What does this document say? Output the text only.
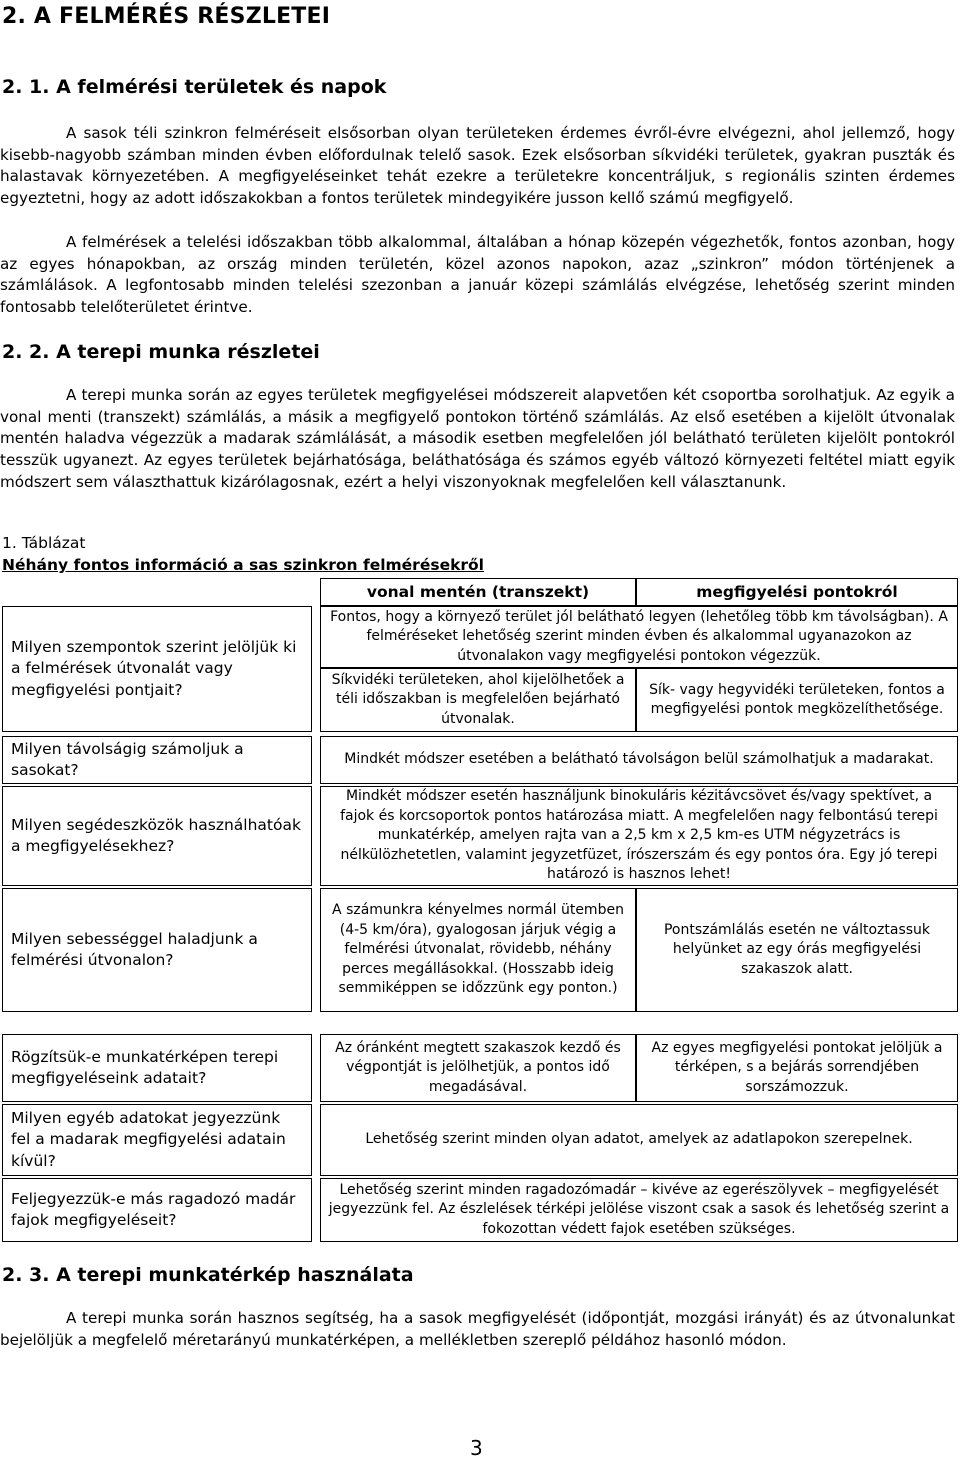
2. A FELMÉRÉS RÉSZLETEI
2. 1. A felmérési területek és napok

A sasok téli szinkron felméréseit elsősorban olyan területeken érdemes évről-évre elvégezni, ahol jellemző, hogy kisebb-nagyobb számban minden évben előfordulnak telelő sasok. Ezek elsősorban síkvidéki területek, gyakran puszták és halastavak környezetében. A megfigyeléseinket tehát ezekre a területekre koncentráljuk, s regionális szinten érdemes egyeztetni, hogy az adott időszakokban a fontos területek mindegyikére jusson kellő számú megfigyelő.

A felmérések a telelési időszakban több alkalommal, általában a hónap közepén végezhetők, fontos azonban, hogy az egyes hónapokban, az ország minden területén, közel azonos napokon, azaz „szinkron” módon történjenek a számlálások. A legfontosabb minden telelési szezonban a január közepi számlálás elvégzése, lehetőség szerint minden fontosabb telelőterületet érintve.

2. 2. A terepi munka részletei

A terepi munka során az egyes területek megfigyelései módszereit alapvetően két csoportba sorolhatjuk. Az egyik a vonal menti (transzekt) számlálás, a másik a megfigyelő pontokon történő számlálás. Az első esetében a kijelölt útvonalak mentén haladva végezzük a madarak számlálását, a második esetben megfelelően jól belátható területen kijelölt pontokról tesszük ugyanezt. Az egyes területek bejárhatósága, beláthatósága és számos egyéb változó környezeti feltétel miatt egyik módszert sem választhattuk kizárólagosnak, ezért a helyi viszonyoknak megfelelően kell választanunk.

1. Táblázat
Néhány fontos információ a sas szinkron felmérésekről
vonal mentén (transzekt)	megfigyelési pontokról
Milyen szempontok szerint jelöljük ki a felmérések útvonalát vagy megfigyelési pontjait?
Fontos, hogy a környező terület jól belátható legyen (lehetőleg több km távolságban). A felméréseket lehetőség szerint minden évben és alkalommal ugyanazokon az útvonalakon vagy megfigyelési pontokon végezzük.
Síkvidéki területeken, ahol kijelölhetőek a téli időszakban is megfelelően bejárható útvonalak.
Sík- vagy hegyvidéki területeken, fontos a megfigyelési pontok megközelíthetősége.
Milyen távolságig számoljuk a sasokat?
Mindkét módszer esetében a belátható távolságon belül számolhatjuk a madarakat.
Milyen segédeszközök használhatóak a megfigyelésekhez?
Mindkét módszer esetén használjunk binokuláris kézitávcsövet és/vagy spektívet, a fajok és korcsoportok pontos határozása miatt. A megfelelően nagy felbontású terepi munkatérkép, amelyen rajta van a 2,5 km x 2,5 km-es UTM négyzetrács is nélkülözhetetlen, valamint jegyzetfüzet, írószerszám és egy pontos óra. Egy jó terepi határozó is hasznos lehet!
Milyen sebességgel haladjunk a felmérési útvonalon?
A számunkra kényelmes normál ütemben (4-5 km/óra), gyalogosan járjuk végig a felmérési útvonalat, rövidebb, néhány perces megállásokkal. (Hosszabb ideig semmiképpen se időzzünk egy ponton.)
Pontszámlálás esetén ne változtassuk helyünket az egy órás megfigyelési szakaszok alatt.
Rögzítsük-e munkatérképen terepi megfigyeléseink adatait?
Az óránként megtett szakaszok kezdő és végpontját is jelölhetjük, a pontos idő megadásával.
Az egyes megfigyelési pontokat jelöljük a térképen, s a bejárás sorrendjében sorszámozzuk.
Milyen egyéb adatokat jegyezzünk fel a madarak megfigyelési adatain kívül?
Lehetőség szerint minden olyan adatot, amelyek az adatlapokon szerepelnek.
Feljegyezzük-e más ragadozó madár fajok megfigyeléseit?
Lehetőség szerint minden ragadozómadár – kivéve az egerészölyvek – megfigyelését jegyezzünk fel. Az észlelések térképi jelölése viszont csak a sasok és lehetőség szerint a fokozottan védett fajok esetében szükséges.
2. 3. A terepi munkatérkép használata

A terepi munka során hasznos segítség, ha a sasok megfigyelését (időpontját, mozgási irányát) és az útvonalunkat bejelöljük a megfelelő méretarányú munkatérképen, a mellékletben szereplő példához hasonló módon.

3
